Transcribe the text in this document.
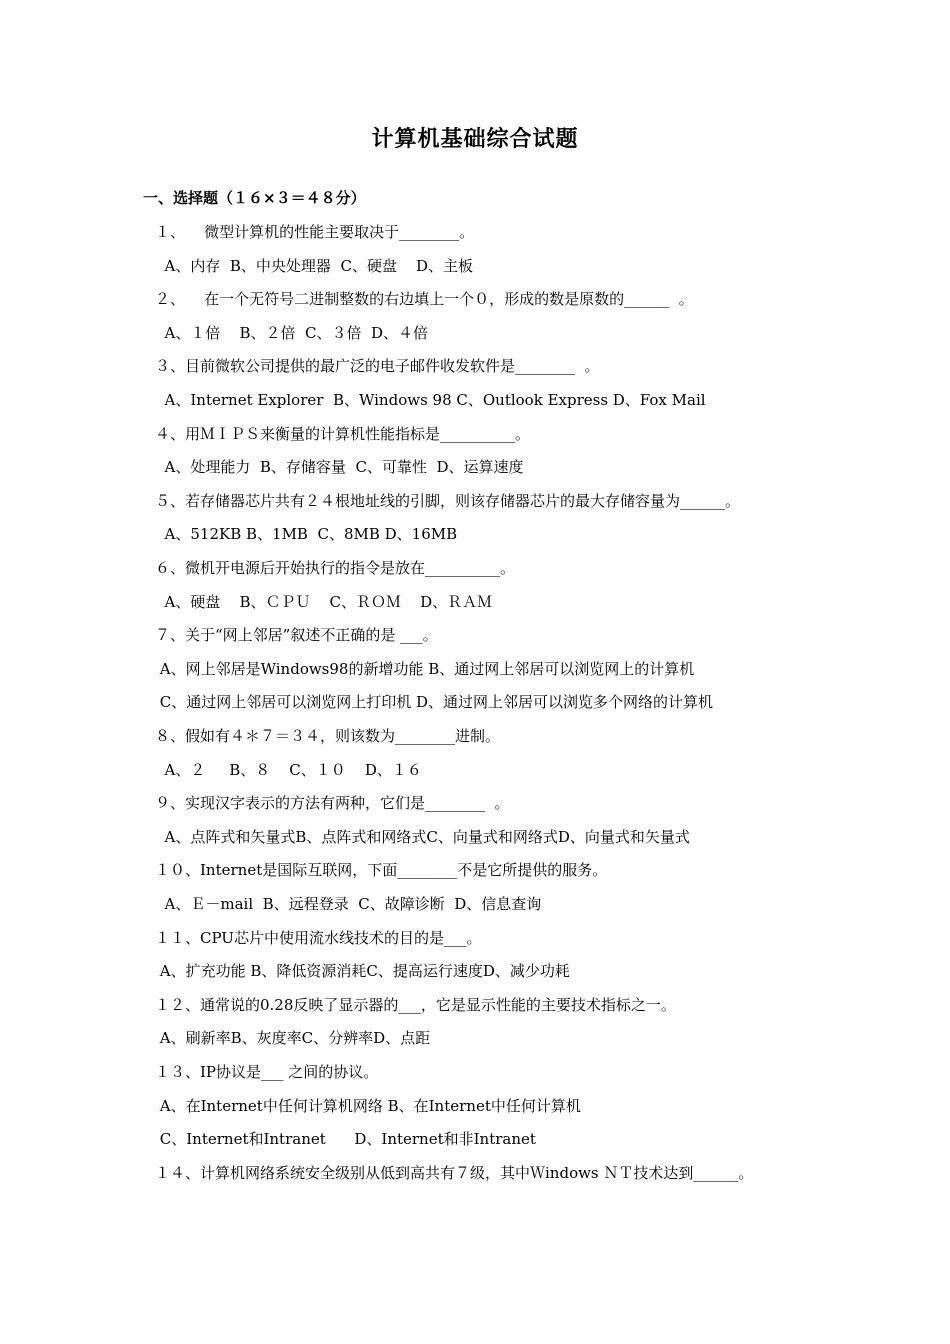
计算机基础综合试题
一、选择题（１６×３＝４８分）
１、    微型计算机的性能主要取决于________。
A、内存  B、中央处理器  C、硬盘    D、主板
２、    在一个无符号二进制整数的右边填上一个０，形成的数是原数的______  。
A、１倍    B、２倍  C、３倍  D、４倍
３、目前微软公司提供的最广泛的电子邮件收发软件是________  。
A、Internet Explorer  B、Windows 98 C、Outlook Express D、Fox Mail
４、用ＭＩＰＳ来衡量的计算机性能指标是__________。
A、处理能力  B、存储容量  C、可靠性  D、运算速度
５、若存储器芯片共有２４根地址线的引脚，则该存储器芯片的最大存储容量为______。
A、512KB B、1MB  C、8MB D、16MB
６、微机开电源后开始执行的指令是放在__________。
A、硬盘    B、ＣＰＵ    C、ＲＯＭ    D、ＲＡＭ
７、关于“网上邻居”叙述不正确的是 ___。
A、网上邻居是Windows98的新增功能 B、通过网上邻居可以浏览网上的计算机
C、通过网上邻居可以浏览网上打印机 D、通过网上邻居可以浏览多个网络的计算机
８、假如有４＊７＝３４，则该数为________进制。
A、２     B、８    C、１０    D、１６
９、实现汉字表示的方法有两种，它们是________  。
A、点阵式和矢量式B、点阵式和网络式C、向量式和网络式D、向量式和矢量式
１０、Internet是国际互联网，下面________不是它所提供的服务。
A、Ｅ－mail  B、远程登录  C、故障诊断  D、信息查询
１１、CPU芯片中使用流水线技术的目的是___。
A、扩充功能 B、降低资源消耗C、提高运行速度D、减少功耗
１２、通常说的0.28反映了显示器的___，它是显示性能的主要技术指标之一。
A、刷新率B、灰度率C、分辨率D、点距
１３、IP协议是___ 之间的协议。
A、在Internet中任何计算机网络 B、在Internet中任何计算机
C、Internet和Intranet      D、Internet和非Intranet
１４、计算机网络系统安全级别从低到高共有７级，其中Ｗindows ＮＴ技术达到______。
